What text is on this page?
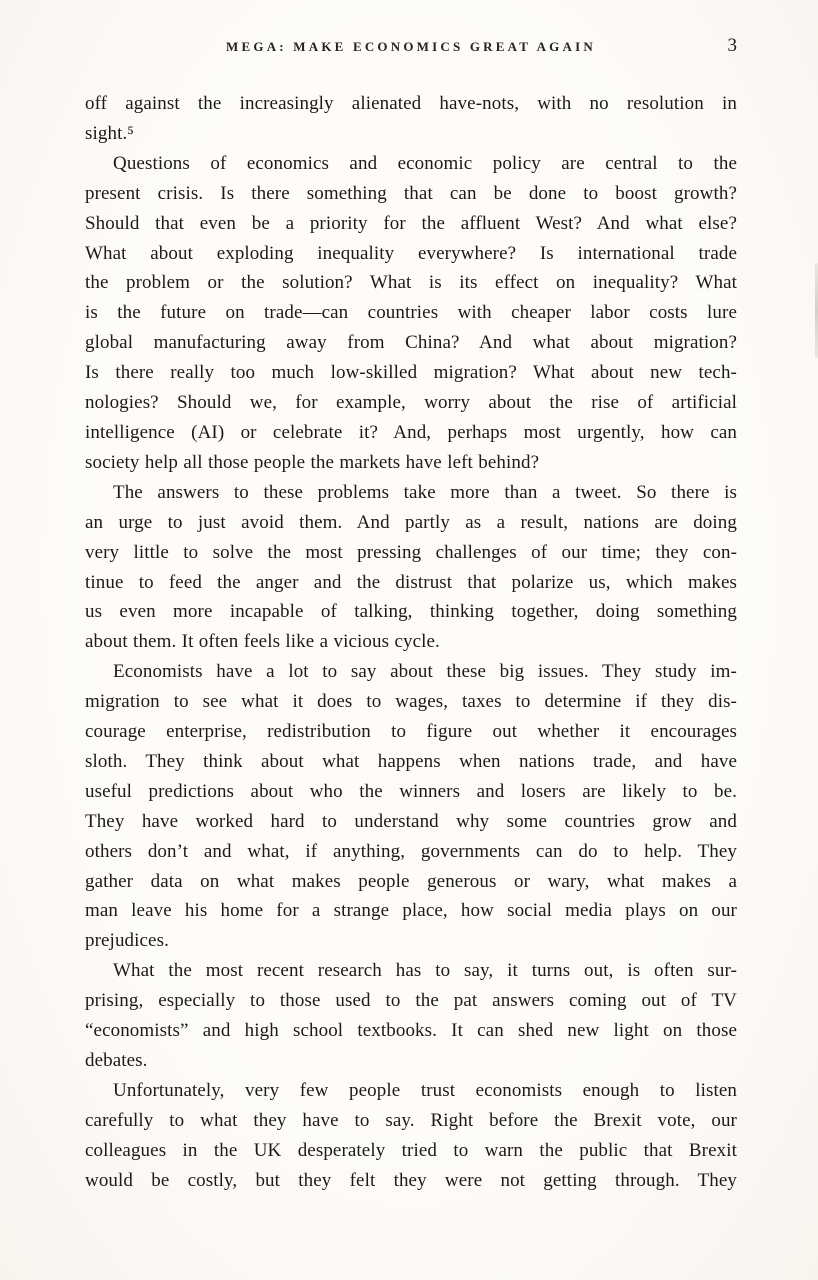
MEGA: MAKE ECONOMICS GREAT AGAIN	3
off against the increasingly alienated have-nots, with no resolution in
sight.⁵
Questions of economics and economic policy are central to the
present crisis. Is there something that can be done to boost growth?
Should that even be a priority for the affluent West? And what else?
What about exploding inequality everywhere? Is international trade
the problem or the solution? What is its effect on inequality? What
is the future on trade—can countries with cheaper labor costs lure
global manufacturing away from China? And what about migration?
Is there really too much low-skilled migration? What about new tech-
nologies? Should we, for example, worry about the rise of artificial
intelligence (AI) or celebrate it? And, perhaps most urgently, how can
society help all those people the markets have left behind?
The answers to these problems take more than a tweet. So there is
an urge to just avoid them. And partly as a result, nations are doing
very little to solve the most pressing challenges of our time; they con-
tinue to feed the anger and the distrust that polarize us, which makes
us even more incapable of talking, thinking together, doing something
about them. It often feels like a vicious cycle.
Economists have a lot to say about these big issues. They study im-
migration to see what it does to wages, taxes to determine if they dis-
courage enterprise, redistribution to figure out whether it encourages
sloth. They think about what happens when nations trade, and have
useful predictions about who the winners and losers are likely to be.
They have worked hard to understand why some countries grow and
others don’t and what, if anything, governments can do to help. They
gather data on what makes people generous or wary, what makes a
man leave his home for a strange place, how social media plays on our
prejudices.
What the most recent research has to say, it turns out, is often sur-
prising, especially to those used to the pat answers coming out of TV
“economists” and high school textbooks. It can shed new light on those
debates.
Unfortunately, very few people trust economists enough to listen
carefully to what they have to say. Right before the Brexit vote, our
colleagues in the UK desperately tried to warn the public that Brexit
would be costly, but they felt they were not getting through. They
